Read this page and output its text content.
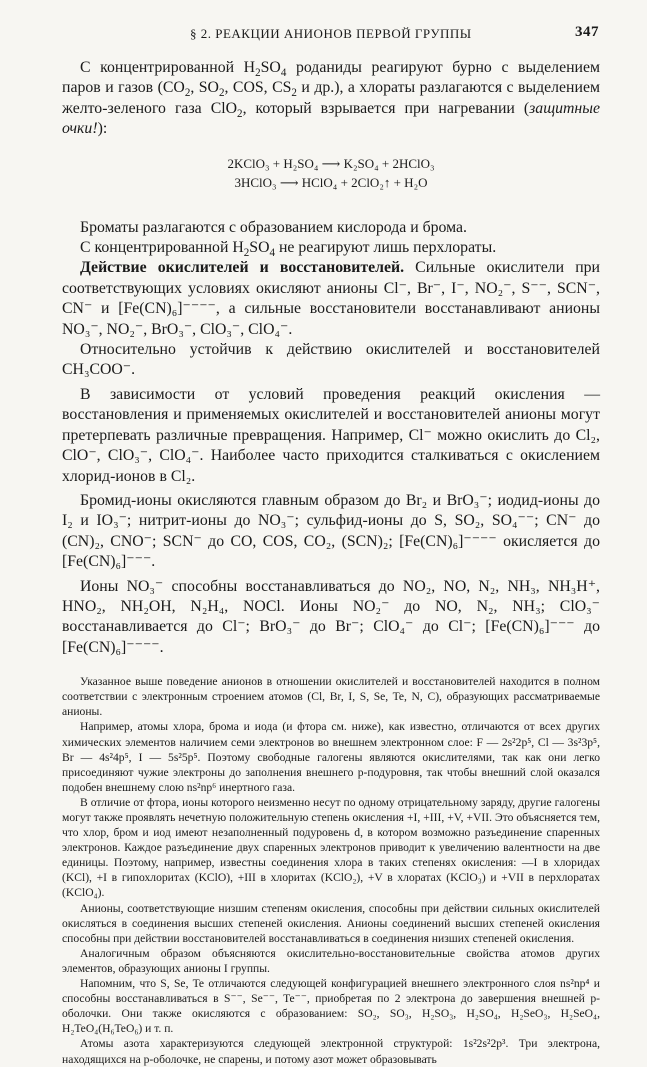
§ 2. РЕАКЦИИ АНИОНОВ ПЕРВОЙ ГРУППЫ	347

С концентрированной $H_2SO_4$ роданиды реагируют бурно с выделением паров и газов ($CO_2$, $SO_2$, COS, $CS_2$ и др.), а хлораты разлагаются с выделением желто-зеленого газа ClO$_2$, который взрывается при нагревании (защитные очки!):

2KClO₃ + H₂SO₄ ⟶ K₂SO₄ + 2HClO₃
3HClO₃ ⟶ HClO₄ + 2ClO₂↑ + H₂O

Броматы разлагаются с образованием кислорода и брома.

С концентрированной $H_2SO_4$ не реагируют лишь перхлораты.

Действие окислителей и восстановителей. Сильные окислители при соответствующих условиях окисляют анионы Cl⁻, Br⁻, I⁻, NO₂⁻, S⁻⁻, SCN⁻, CN⁻ и [Fe(CN)₆]⁻⁻⁻⁻, а сильные восстановители восстанавливают анионы NO₃⁻, NO₂⁻, BrO₃⁻, ClO₃⁻, ClO₄⁻.

Относительно устойчив к действию окислителей и восстановителей CH₃COO⁻.

В зависимости от условий проведения реакций окисления — восстановления и применяемых окислителей и восстановителей анионы могут претерпевать различные превращения. Например, Cl⁻ можно окислить до Cl₂, ClO⁻, ClO₃⁻, ClO₄⁻. Наиболее часто приходится сталкиваться с окислением хлорид-ионов в Cl₂.

Бромид-ионы окисляются главным образом до Br₂ и BrO₃⁻; иодид-ионы до I₂ и IO₃⁻; нитрит-ионы до NO₃⁻; сульфид-ионы до S, SO₂, SO₄⁻⁻; CN⁻ до (CN)₂, CNO⁻; SCN⁻ до CO, COS, CO₂, (SCN)₂; [Fe(CN)₆]⁻⁻⁻⁻ окисляется до [Fe(CN)₆]⁻⁻⁻.

Ионы NO₃⁻ способны восстанавливаться до NO₂, NO, N₂, NH₃, NH₃H⁺, HNO₂, NH₂OH, N₂H₄, NOCl. Ионы NO₂⁻ до NO, N₂, NH₃; ClO₃⁻ восстанавливается до Cl⁻; BrO₃⁻ до Br⁻; ClO₄⁻ до Cl⁻; [Fe(CN)₆]⁻⁻⁻ до [Fe(CN)₆]⁻⁻⁻⁻.

Указанное выше поведение анионов в отношении окислителей и восстановителей находится в полном соответствии с электронным строением атомов (Cl, Br, I, S, Se, Te, N, C), образующих рассматриваемые анионы.

Например, атомы хлора, брома и иода (и фтора см. ниже), как известно, отличаются от всех других химических элементов наличием семи электронов во внешнем электронном слое: F — 2s²2p⁵, Cl — 3s²3p⁵, Br — 4s²4p⁵, I — 5s²5p⁵. Поэтому свободные галогены являются окислителями, так как они легко присоединяют чужие электроны до заполнения внешнего p-подуровня, так чтобы внешний слой оказался подобен внешнему слою ns²np⁶ инертного газа.

В отличие от фтора, ионы которого неизменно несут по одному отрицательному заряду, другие галогены могут также проявлять нечетную положительную степень окисления +I, +III, +V, +VII. Это объясняется тем, что хлор, бром и иод имеют незаполненный подуровень d, в котором возможно разъединение спаренных электронов. Каждое разъединение двух спаренных электронов приводит к увеличению валентности на две единицы. Поэтому, например, известны соединения хлора в таких степенях окисления: —I в хлоридах (KCl), +I в гипохлоритах (KClO), +III в хлоритах (KClO₂), +V в хлоратах (KClO₃) и +VII в перхлоратах (KClO₄).

Анионы, соответствующие низшим степеням окисления, способны при действии сильных окислителей окисляться в соединения высших степеней окисления. Анионы соединений высших степеней окисления способны при действии восстановителей восстанавливаться в соединения низших степеней окисления.

Аналогичным образом объясняются окислительно-восстановительные свойства атомов других элементов, образующих анионы I группы.

Напомним, что S, Se, Te отличаются следующей конфигурацией внешнего электронного слоя ns²np⁴ и способны восстанавливаться в S⁻⁻, Se⁻⁻, Te⁻⁻, приобретая по 2 электрона до завершения внешней p-оболочки. Они также окисляются с образованием: SO₂, SO₃, H₂SO₃, H₂SO₄, H₂SeO₃, H₂SeO₄, H₂TeO₄(H₆TeO₆) и т. п.

Атомы азота характеризуются следующей электронной структурой: 1s²2s²2p³. Три электрона, находящихся на p-оболочке, не спарены, и потому азот может образовывать
